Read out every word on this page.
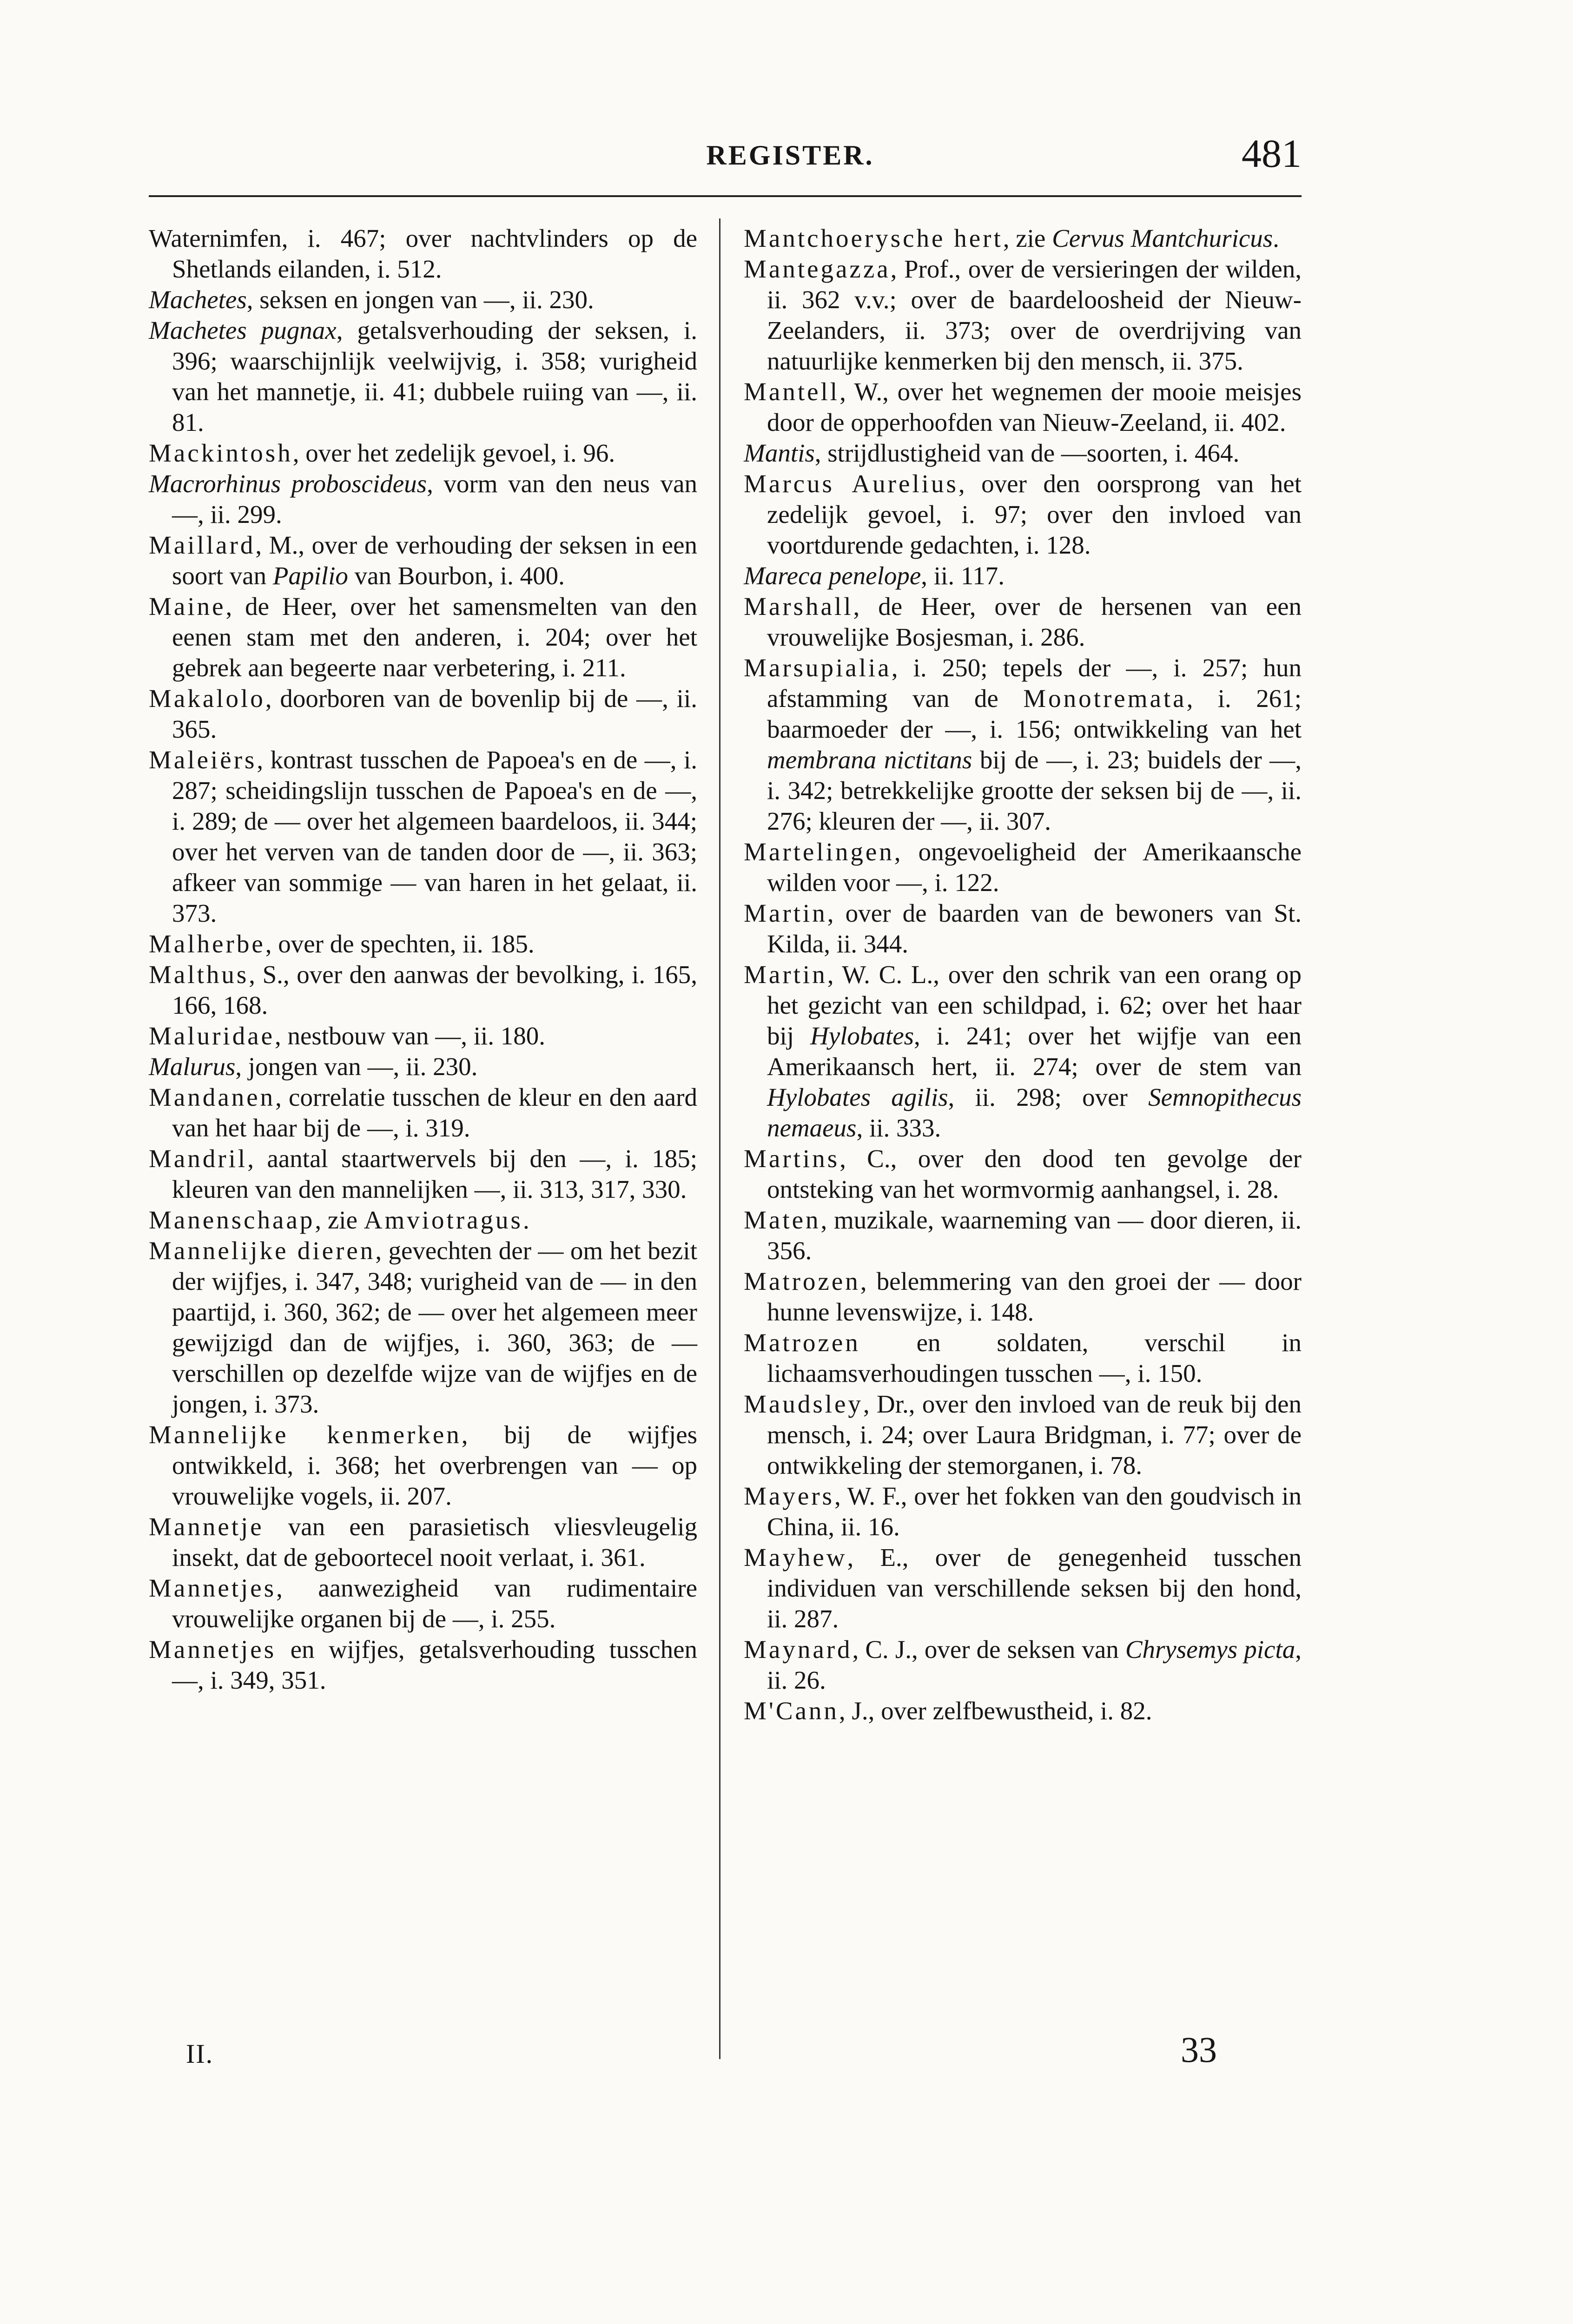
REGISTER.	481

Waternimfen, i. 467; over nachtvlinders op de Shetlands eilanden, i. 512.

Machetes, seksen en jongen van —, ii. 230.

Machetes pugnax, getalsverhouding der seksen, i. 396; waarschijnlijk veelwijvig, i. 358; vurigheid van het mannetje, ii. 41; dubbele ruiing van —, ii. 81.

Mackintosh, over het zedelijk gevoel, i. 96.

Macrorhinus proboscideus, vorm van den neus van —, ii. 299.

Maillard, M., over de verhouding der seksen in een soort van Papilio van Bourbon, i. 400.

Maine, de Heer, over het samensmelten van den eenen stam met den anderen, i. 204; over het gebrek aan begeerte naar verbetering, i. 211.

Makalolo, doorboren van de bovenlip bij de —, ii. 365.

Maleiërs, kontrast tusschen de Papoea's en de —, i. 287; scheidingslijn tusschen de Papoea's en de —, i. 289; de — over het algemeen baardeloos, ii. 344; over het verven van de tanden door de —, ii. 363; afkeer van sommige — van haren in het gelaat, ii. 373.

Malherbe, over de spechten, ii. 185.

Malthus, S., over den aanwas der bevolking, i. 165, 166, 168.

Maluridae, nestbouw van —, ii. 180.

Malurus, jongen van —, ii. 230.

Mandanen, correlatie tusschen de kleur en den aard van het haar bij de —, i. 319.

Mandril, aantal staartwervels bij den —, i. 185; kleuren van den mannelijken —, ii. 313, 317, 330.

Manenschaap, zie Amviotragus.

Mannelijke dieren, gevechten der — om het bezit der wijfjes, i. 347, 348; vurigheid van de — in den paartijd, i. 360, 362; de — over het algemeen meer gewijzigd dan de wijfjes, i. 360, 363; de — verschillen op dezelfde wijze van de wijfjes en de jongen, i. 373.

Mannelijke kenmerken, bij de wijfjes ontwikkeld, i. 368; het overbrengen van — op vrouwelijke vogels, ii. 207.

Mannetje van een parasietisch vliesvleugelig insekt, dat de geboortecel nooit verlaat, i. 361.

Mannetjes, aanwezigheid van rudimentaire vrouwelijke organen bij de —, i. 255.

Mannetjes en wijfjes, getalsverhouding tusschen —, i. 349, 351.

Mantchoerysche hert, zie Cervus Mantchuricus.

Mantegazza, Prof., over de versieringen der wilden, ii. 362 v.v.; over de baardeloosheid der Nieuw-Zeelanders, ii. 373; over de overdrijving van natuurlijke kenmerken bij den mensch, ii. 375.

Mantell, W., over het wegnemen der mooie meisjes door de opperhoofden van Nieuw-Zeeland, ii. 402.

Mantis, strijdlustigheid van de —soorten, i. 464.

Marcus Aurelius, over den oorsprong van het zedelijk gevoel, i. 97; over den invloed van voortdurende gedachten, i. 128.

Mareca penelope, ii. 117.

Marshall, de Heer, over de hersenen van een vrouwelijke Bosjesman, i. 286.

Marsupialia, i. 250; tepels der —, i. 257; hun afstamming van de Monotremata, i. 261; baarmoeder der —, i. 156; ontwikkeling van het membrana nictitans bij de —, i. 23; buidels der —, i. 342; betrekkelijke grootte der seksen bij de —, ii. 276; kleuren der —, ii. 307.

Martelingen, ongevoeligheid der Amerikaansche wilden voor —, i. 122.

Martin, over de baarden van de bewoners van St. Kilda, ii. 344.

Martin, W. C. L., over den schrik van een orang op het gezicht van een schildpad, i. 62; over het haar bij Hylobates, i. 241; over het wijfje van een Amerikaansch hert, ii. 274; over de stem van Hylobates agilis, ii. 298; over Semnopithecus nemaeus, ii. 333.

Martins, C., over den dood ten gevolge der ontsteking van het wormvormig aanhangsel, i. 28.

Maten, muzikale, waarneming van — door dieren, ii. 356.

Matrozen, belemmering van den groei der — door hunne levenswijze, i. 148.

Matrozen en soldaten, verschil in lichaamsverhoudingen tusschen —, i. 150.

Maudsley, Dr., over den invloed van de reuk bij den mensch, i. 24; over Laura Bridgman, i. 77; over de ontwikkeling der stemorganen, i. 78.

Mayers, W. F., over het fokken van den goudvisch in China, ii. 16.

Mayhew, E., over de genegenheid tusschen individuen van verschillende seksen bij den hond, ii. 287.

Maynard, C. J., over de seksen van Chrysemys picta, ii. 26.

M'Cann, J., over zelfbewustheid, i. 82.

II.	33
